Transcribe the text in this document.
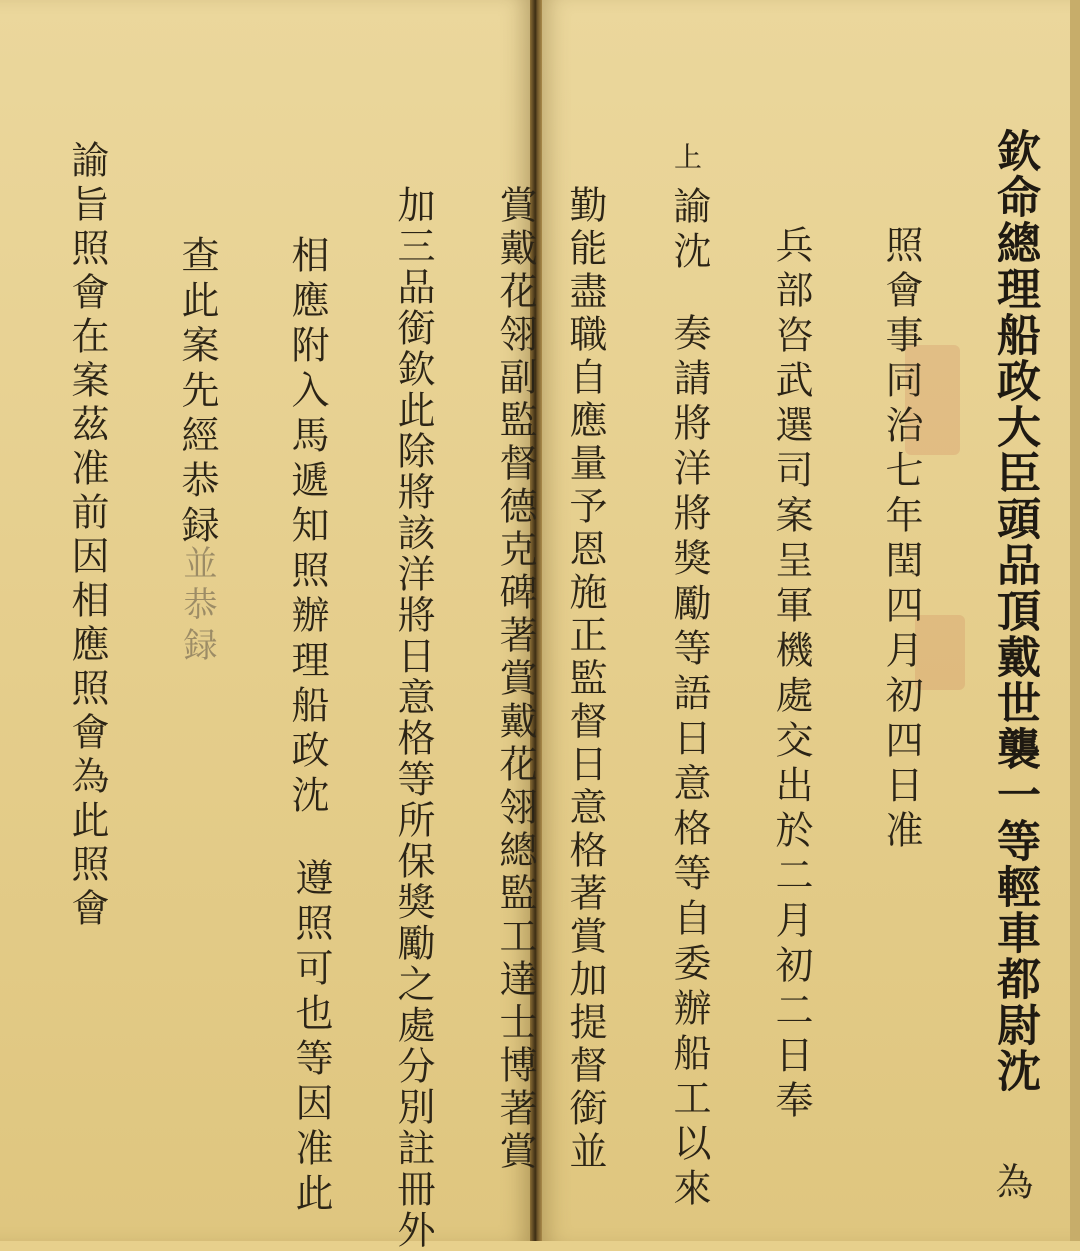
欽命總理船政大臣頭品頂戴世襲一等輕車都尉沈
為
照會事同治七年閏四月初四日准
兵部咨武選司案呈軍機處交出於二月初二日奉
上
諭沈
奏請將洋將獎勵等語日意格等自委辦船工以來
勤能盡職自應量予恩施正監督日意格著賞加提督銜並
賞戴花翎副監督德克碑著賞戴花翎總監工達士博著賞
加三品銜欽此除將該洋將日意格等所保獎勵之處分別註冊外
相應附入馬遞知照辦理船政沈
遵照可也等因准此
查此案先經恭録
並恭録
諭旨照會在案茲准前因相應照會為此照會
